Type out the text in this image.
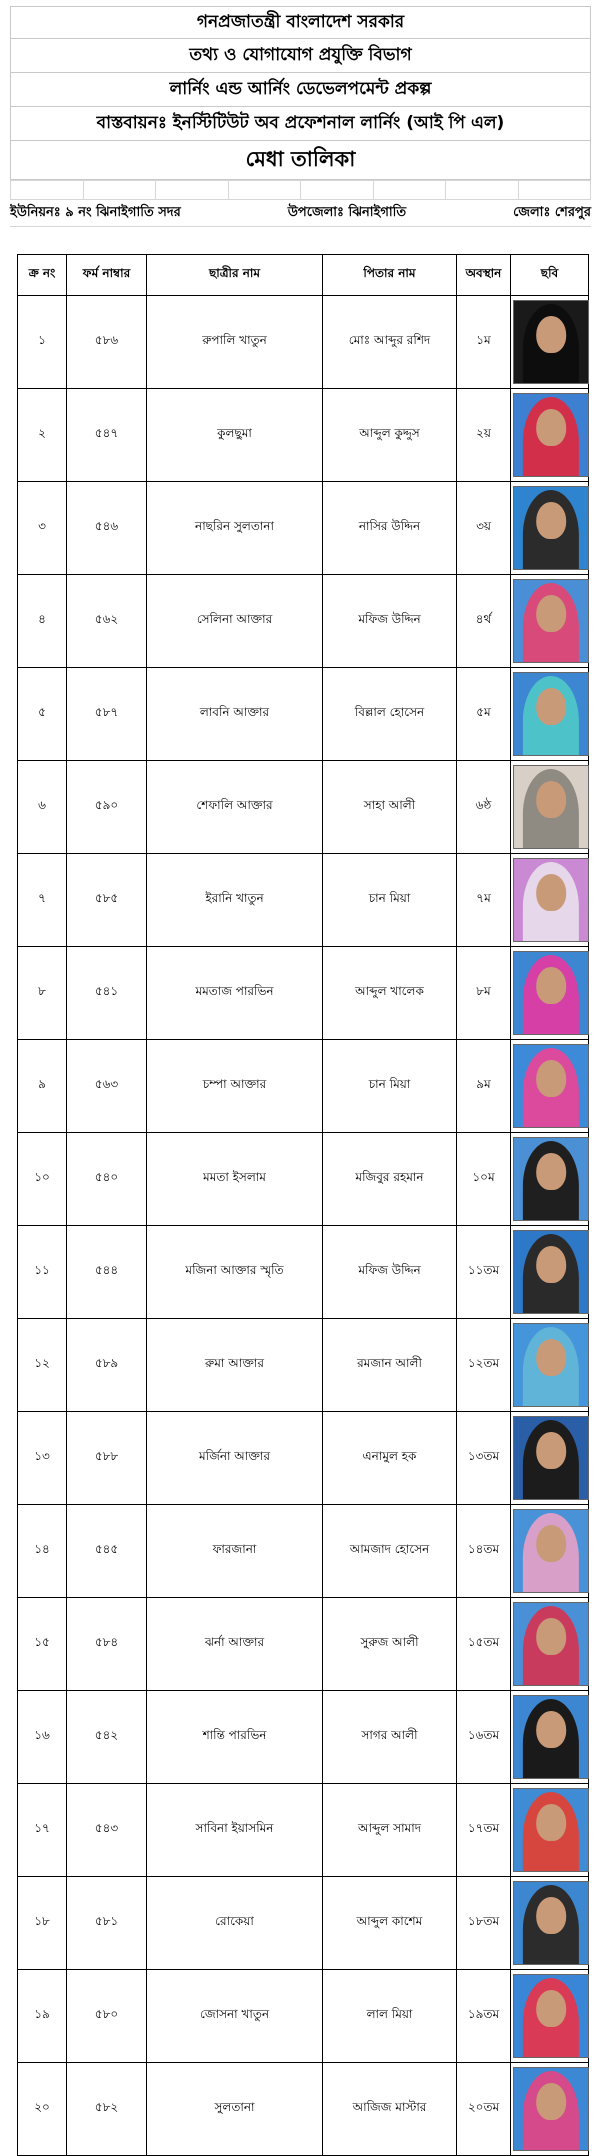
গনপ্রজাতন্ত্রী বাংলাদেশ সরকার
তথ্য ও যোগাযোগ প্রযুক্তি বিভাগ
লার্নিং এন্ড আর্নিং ডেভেলপমেন্ট প্রকল্প
বাস্তবায়নঃ ইনস্টিটিউট অব প্রফেশনাল লার্নিং (আই পি এল)
মেধা তালিকা

ইউনিয়নঃ ৯ নং ঝিনাইগাতি সদর	উপজেলাঃ ঝিনাইগাতি	জেলাঃ শেরপুর
ক্র নং	ফর্ম নাম্বার	ছাত্রীর নাম	পিতার নাম	অবস্থান	ছবি
১	৫৮৬	রুপালি খাতুন	মোঃ আব্দুর রশিদ	১ম	

২	৫৪৭	কুলছুমা	আব্দুল কুদ্দুস	২য়	

৩	৫৪৬	নাছরিন সুলতানা	নাসির উদ্দিন	৩য়	

৪	৫৬২	সেলিনা আক্তার	মফিজ উদ্দিন	৪র্থ	

৫	৫৮৭	লাবনি আক্তার	বিল্লাল হোসেন	৫ম	

৬	৫৯০	শেফালি আক্তার	সাহা আলী	৬ষ্ঠ	

৭	৫৮৫	ইরানি খাতুন	চান মিয়া	৭ম	

৮	৫৪১	মমতাজ পারভিন	আব্দুল খালেক	৮ম	

৯	৫৬৩	চম্পা আক্তার	চান মিয়া	৯ম	

১০	৫৪০	মমতা ইসলাম	মজিবুর রহমান	১০ম	

১১	৫৪৪	মজিনা আক্তার স্মৃতি	মফিজ উদ্দিন	১১তম	

১২	৫৮৯	রুমা আক্তার	রমজান আলী	১২তম	

১৩	৫৮৮	মর্জিনা আক্তার	এনামুল হক	১৩তম	

১৪	৫৪৫	ফারজানা	আমজাদ হোসেন	১৪তম	

১৫	৫৮৪	ঝর্না আক্তার	সুরুজ আলী	১৫তম	

১৬	৫৪২	শান্তি পারভিন	সাগর আলী	১৬তম	

১৭	৫৪৩	সাবিনা ইয়াসমিন	আব্দুল সামাদ	১৭তম	

১৮	৫৮১	রোকেয়া	আব্দুল কাশেম	১৮তম	

১৯	৫৮০	জোসনা খাতুন	লাল মিয়া	১৯তম	

২০	৫৮২	সুলতানা	আজিজ মাস্টার	২০তম	
